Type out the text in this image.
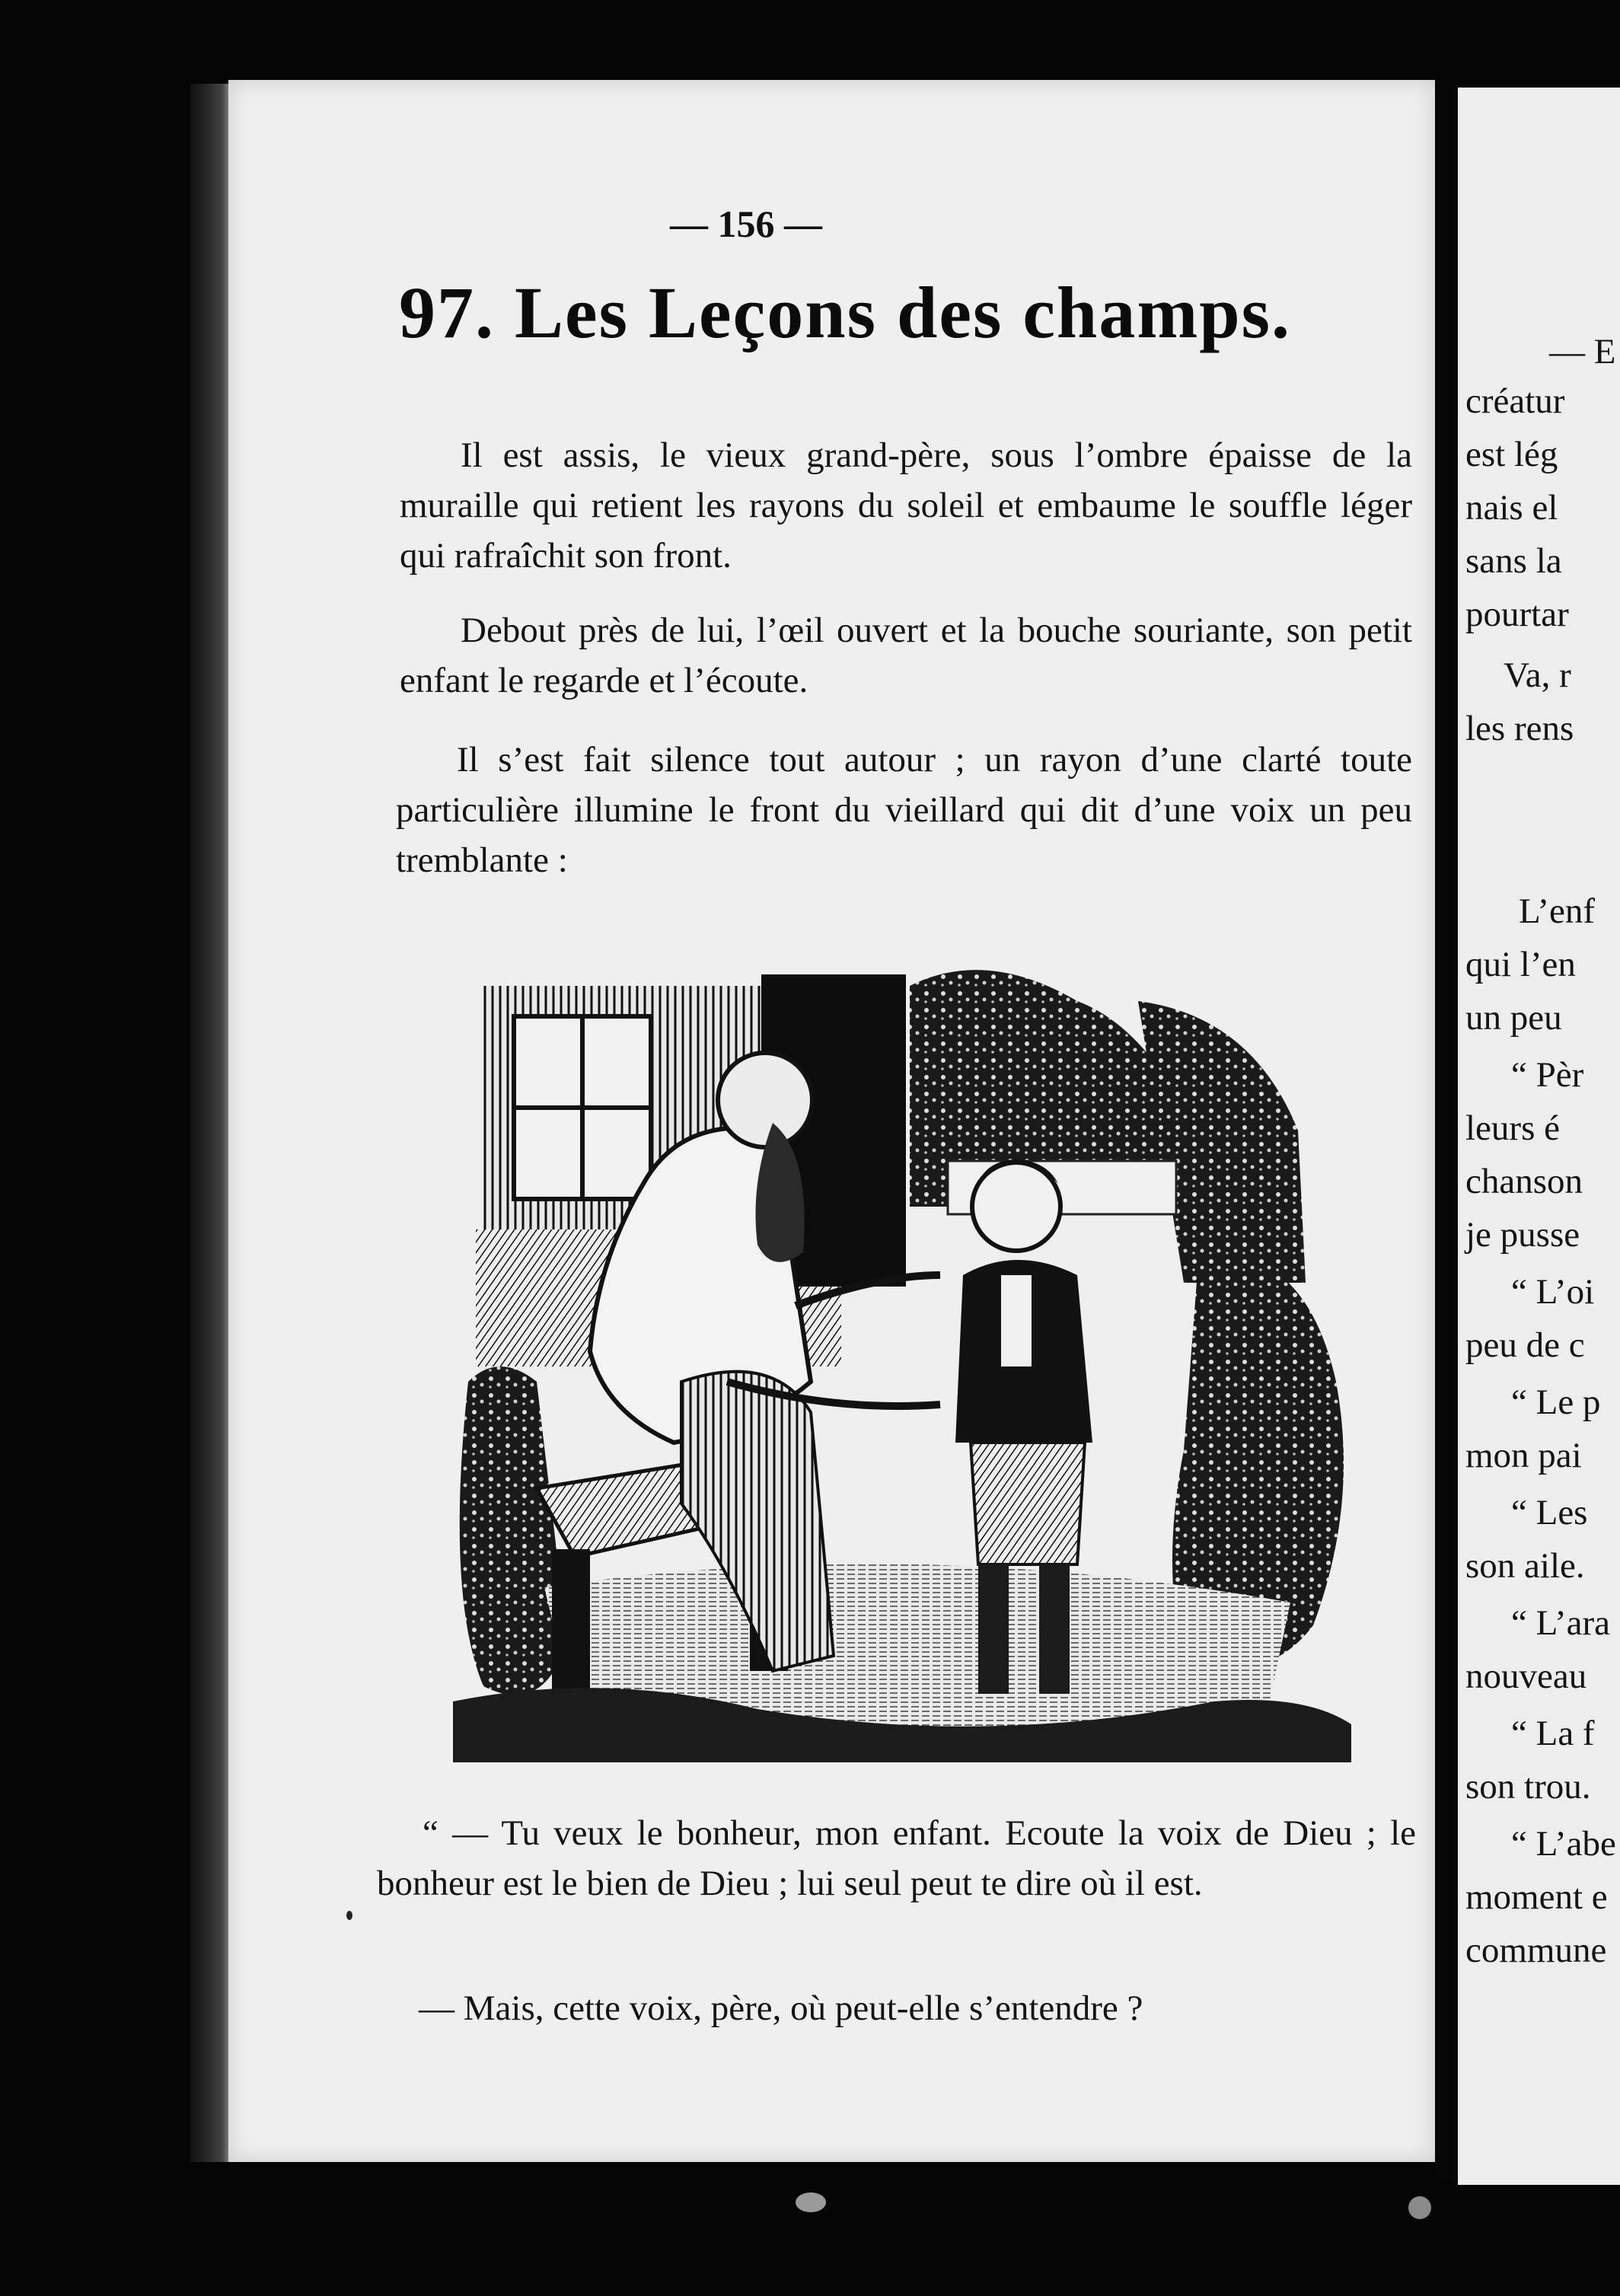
— 156 —
97. Les Leçons des champs.

Il est assis, le vieux grand-père, sous l’ombre épaisse de la muraille qui retient les rayons du soleil et embaume le souffle léger qui rafraîchit son front.

Debout près de lui, l’œil ouvert et la bouche souriante, son petit enfant le regarde et l’écoute.

Il s’est fait silence tout autour ; un rayon d’une clarté toute particulière illumine le front du vieillard qui dit d’une voix un peu tremblante :

“ — Tu veux le bonheur, mon enfant. Ecoute la voix de Dieu ; le bonheur est le bien de Dieu ; lui seul peut te dire où il est.

— Mais, cette voix, père, où peut-elle s’entendre ?

— E
créatur
est lég
nais el
sans la
pourtar
Va, r
les rens
L’enf
qui l’en
un peu
“ Pèr
leurs é
chanson
je pusse
“ L’oi
peu de c
“ Le p
mon pai
“ Les
son aile.
“ L’ara
nouveau
“ La f
son trou.
“ L’abe
moment e
commune
